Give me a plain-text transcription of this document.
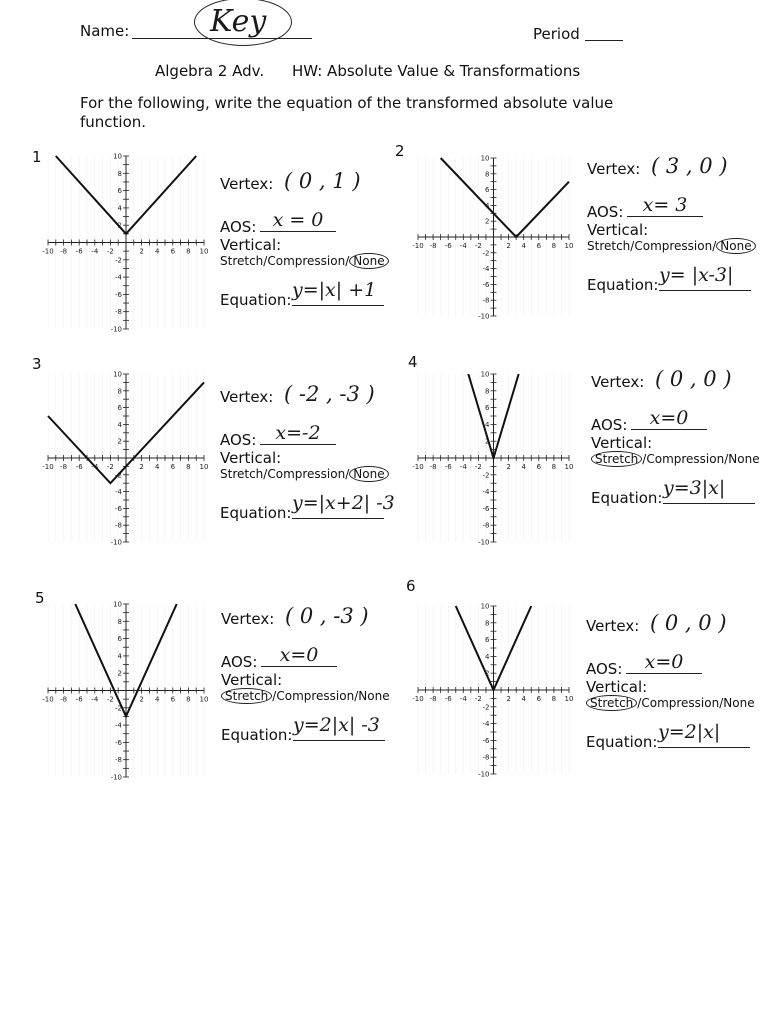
Name:	Key	Period
Algebra 2 Adv. HW: Absolute Value & Transformations
For the following, write the equation of the transformed absolute value function.
1
-10 -8 -6 -4 -2	2 4 6 8 10
10
8
6
4
2
-2
-4
-6
-8
-10
Vertex: ( 0 , 1 )
AOS: x = 0
Vertical:
Stretch/Compression/ None
Equation: y=|x| +1
2
-10 -8 -6 -4 -2	2 4 6 8 10
10
8
6
4
2
-2
-4
-6
-8
-10
Vertex: ( 3 , 0 )
AOS:	x= 3
Vertical:
Stretch/Compression/ None
Equation: y= |x-3|
3
-10 -8 -6 -4 -2	2 4 6 8 10
10
8
6
4
2
-2
-4
-6
-8
-10
Vertex: ( -2 , -3 )
AOS:	x=-2
Vertical:
Stretch/Compression/ None
Equation: y=|x+2| -3
4
-10 -8 -6 -4 -2	2 4 6 8 10
10
8
6
4
2
-2
-4
-6
-8
-10
Vertex: ( 0 , 0 )
AOS:	x=0
Vertical:
Stretch /Compression/None
Equation: y=3|x|
5
-10 -8 -6 -4 -2	2 4 6 8 10
10
8
6
4
2
-2
-4
-6
-8
-10
Vertex: ( 0 , -3 )
AOS:	x=0
Vertical:
Stretch /Compression/None
Equation: y=2|x| -3
6
-10 -8 -6 -4 -2	2 4 6 8 10
10
8
6
4
2
-2
-4
-6
-8
-10
Vertex: ( 0 , 0 )
AOS:	x=0
Vertical:
Stretch /Compression/None
Equation: y=2|x|
